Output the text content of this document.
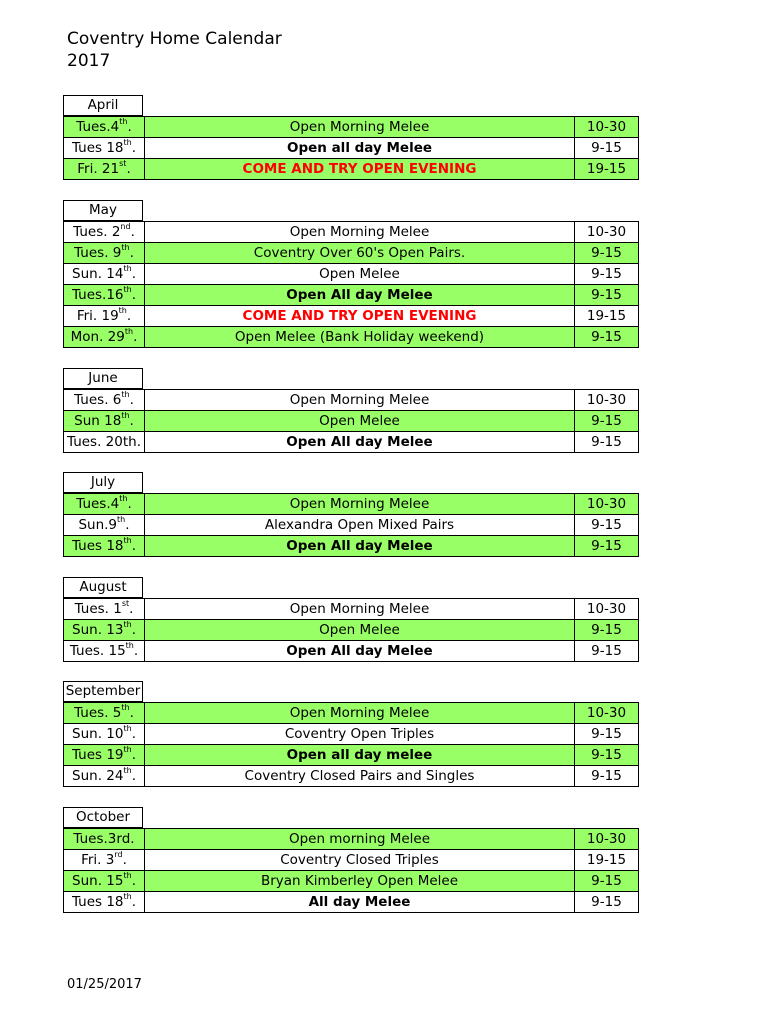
Coventry Home Calendar
2017
April
Tues.4th.	Open Morning Melee	10-30
Tues 18th.	Open all day Melee	9-15
Fri. 21st.	COME AND TRY OPEN EVENING	19-15
May
Tues. 2nd.	Open Morning Melee	10-30
Tues. 9th.	Coventry Over 60's Open Pairs.	9-15
Sun. 14th.	Open Melee	9-15
Tues.16th.	Open All day Melee	9-15
Fri. 19th.	COME AND TRY OPEN EVENING	19-15
Mon. 29th.	Open Melee (Bank Holiday weekend)	9-15
June
Tues. 6th.	Open Morning Melee	10-30
Sun 18th.	Open Melee	9-15
Tues. 20th.	Open All day Melee	9-15
July
Tues.4th.	Open Morning Melee	10-30
Sun.9th.	Alexandra Open Mixed Pairs	9-15
Tues 18th.	Open All day Melee	9-15
August
Tues. 1st.	Open Morning Melee	10-30
Sun. 13th.	Open Melee	9-15
Tues. 15th.	Open All day Melee	9-15
September
Tues. 5th.	Open Morning Melee	10-30
Sun. 10th.	Coventry Open Triples	9-15
Tues 19th.	Open all day melee	9-15
Sun. 24th.	Coventry Closed Pairs and Singles	9-15
October
Tues.3rd.	Open morning Melee	10-30
Fri. 3rd.	Coventry Closed Triples	19-15
Sun. 15th.	Bryan Kimberley Open Melee	9-15
Tues 18th.	All day Melee	9-15
01/25/2017
